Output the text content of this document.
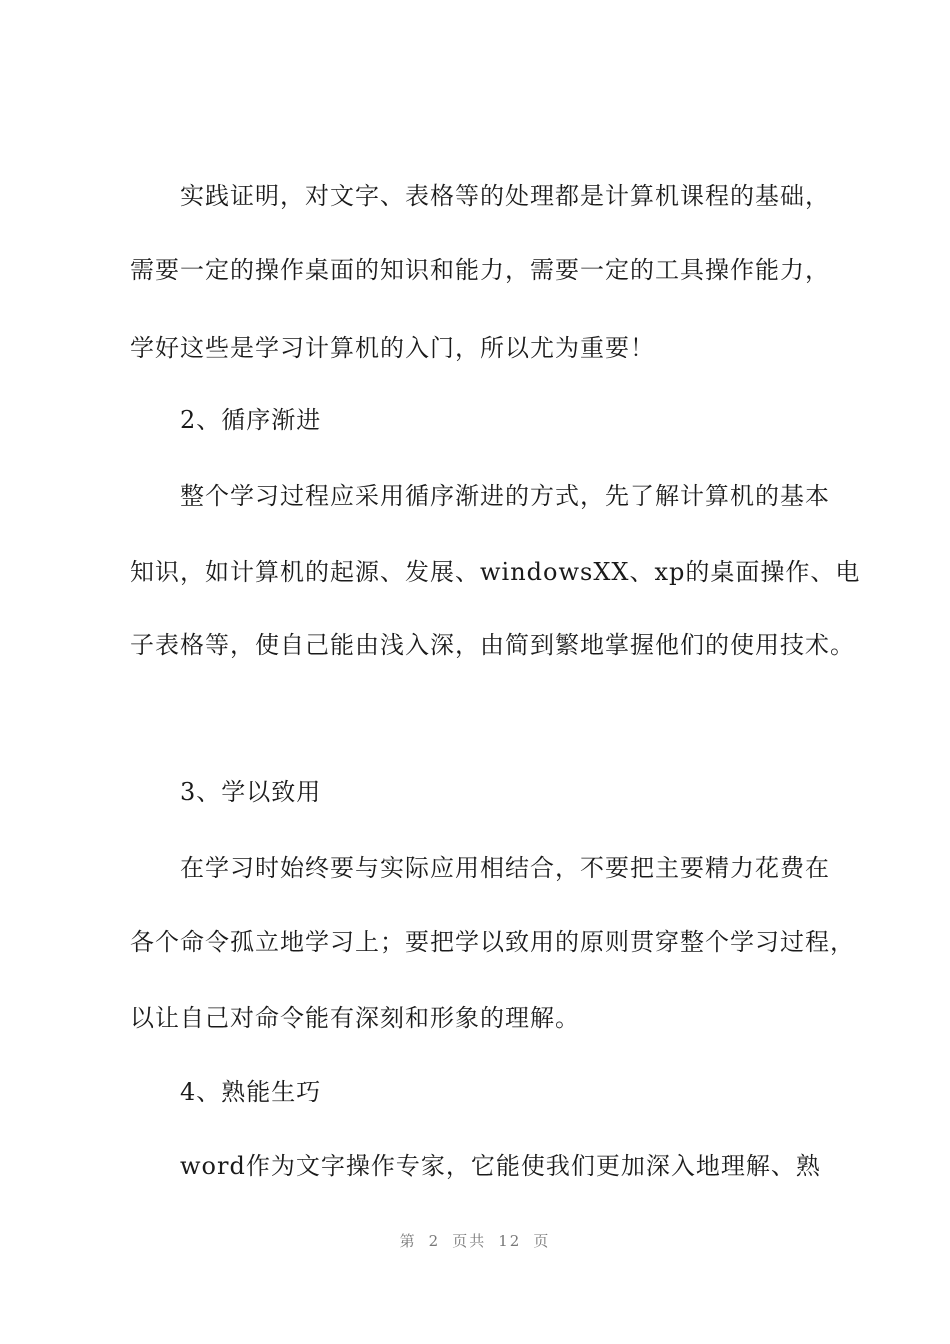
实践证明，对文字、表格等的处理都是计算机课程的基础，
需要一定的操作桌面的知识和能力，需要一定的工具操作能力，
学好这些是学习计算机的入门，所以尤为重要！
2、循序渐进
整个学习过程应采用循序渐进的方式，先了解计算机的基本
知识，如计算机的起源、发展、windowsXX、xp的桌面操作、电
子表格等，使自己能由浅入深，由简到繁地掌握他们的使用技术。
3、学以致用
在学习时始终要与实际应用相结合，不要把主要精力花费在
各个命令孤立地学习上；要把学以致用的原则贯穿整个学习过程，
以让自己对命令能有深刻和形象的理解。
4、熟能生巧
word作为文字操作专家，它能使我们更加深入地理解、熟
第 2 页共 12 页
